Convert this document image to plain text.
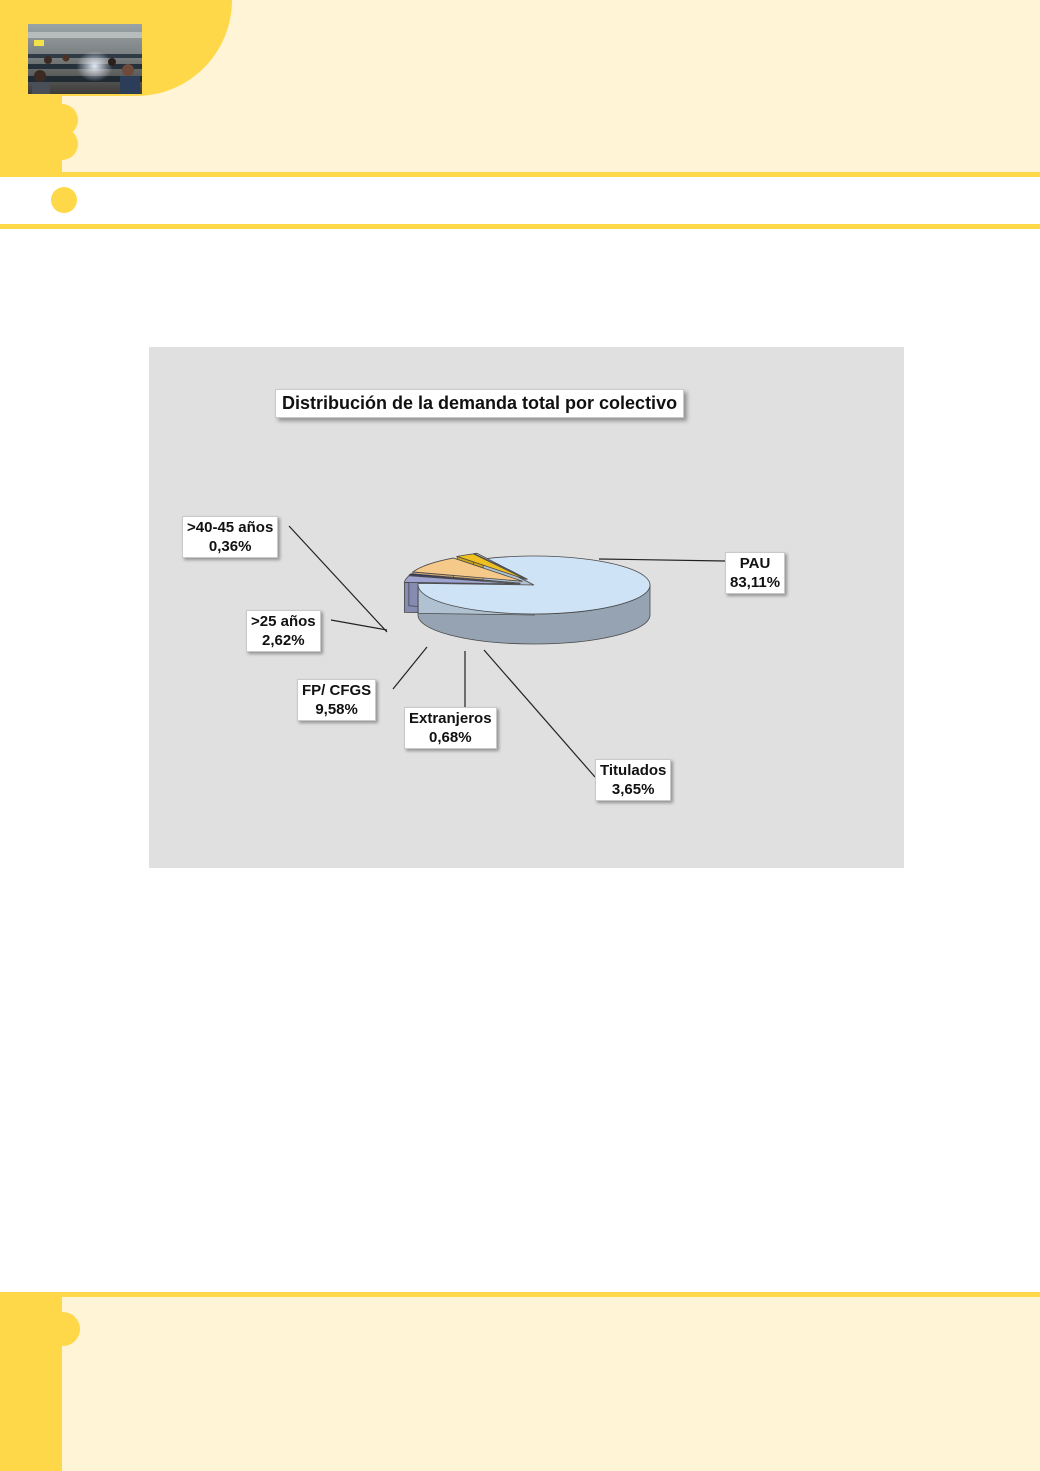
Distribución de la demanda total por colectivo
PAU
83,11%
Titulados
3,65%
Extranjeros
0,68%
FP/ CFGS
9,58%
>25 años
2,62%
>40-45 años
0,36%
